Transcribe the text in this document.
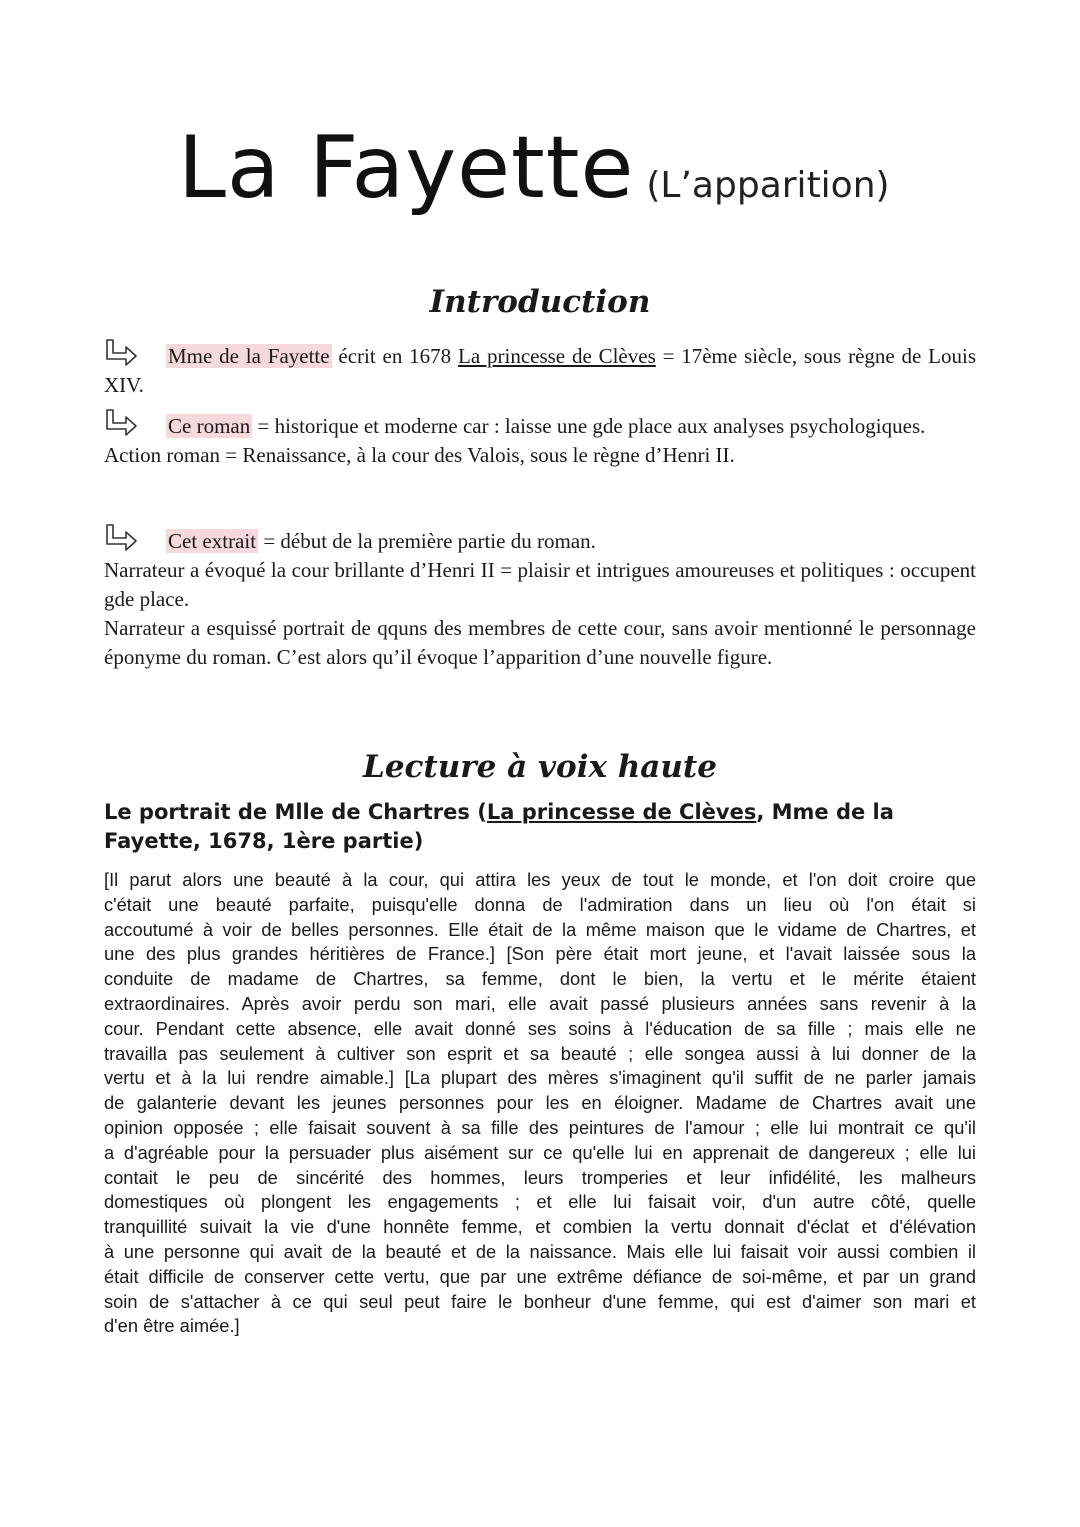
La Fayette (L’apparition)
Introduction
Mme de la Fayette écrit en 1678 La princesse de Clèves = 17ème siècle, sous règne de Louis XIV.
Ce roman = historique et moderne car : laisse une gde place aux analyses psychologiques.
Action roman = Renaissance, à la cour des Valois, sous le règne d’Henri II.
Cet extrait = début de la première partie du roman.
Narrateur a évoqué la cour brillante d’Henri II = plaisir et intrigues amoureuses et politiques : occupent gde place.
Narrateur a esquissé portrait de qquns des membres de cette cour, sans avoir mentionné le personnage éponyme du roman. C’est alors qu’il évoque l’apparition d’une nouvelle figure.
Lecture à voix haute
Le portrait de Mlle de Chartres (La princesse de Clèves, Mme de la Fayette, 1678, 1ère partie)
[Il parut alors une beauté à la cour, qui attira les yeux de tout le monde, et l'on doit croire que
c'était une beauté parfaite, puisqu'elle donna de l'admiration dans un lieu où l'on était si
accoutumé à voir de belles personnes. Elle était de la même maison que le vidame de Chartres, et
une des plus grandes héritières de France.] [Son père était mort jeune, et l'avait laissée sous la
conduite de madame de Chartres, sa femme, dont le bien, la vertu et le mérite étaient
extraordinaires. Après avoir perdu son mari, elle avait passé plusieurs années sans revenir à la
cour. Pendant cette absence, elle avait donné ses soins à l'éducation de sa fille ; mais elle ne
travailla pas seulement à cultiver son esprit et sa beauté ; elle songea aussi à lui donner de la
vertu et à la lui rendre aimable.] [La plupart des mères s'imaginent qu'il suffit de ne parler jamais
de galanterie devant les jeunes personnes pour les en éloigner. Madame de Chartres avait une
opinion opposée ; elle faisait souvent à sa fille des peintures de l'amour ; elle lui montrait ce qu'il
a d'agréable pour la persuader plus aisément sur ce qu'elle lui en apprenait de dangereux ; elle lui
contait le peu de sincérité des hommes, leurs tromperies et leur infidélité, les malheurs
domestiques où plongent les engagements ; et elle lui faisait voir, d'un autre côté, quelle
tranquillité suivait la vie d'une honnête femme, et combien la vertu donnait d'éclat et d'élévation
à une personne qui avait de la beauté et de la naissance. Mais elle lui faisait voir aussi combien il
était difficile de conserver cette vertu, que par une extrême défiance de soi-même, et par un grand
soin de s'attacher à ce qui seul peut faire le bonheur d'une femme, qui est d'aimer son mari et
d'en être aimée.]
